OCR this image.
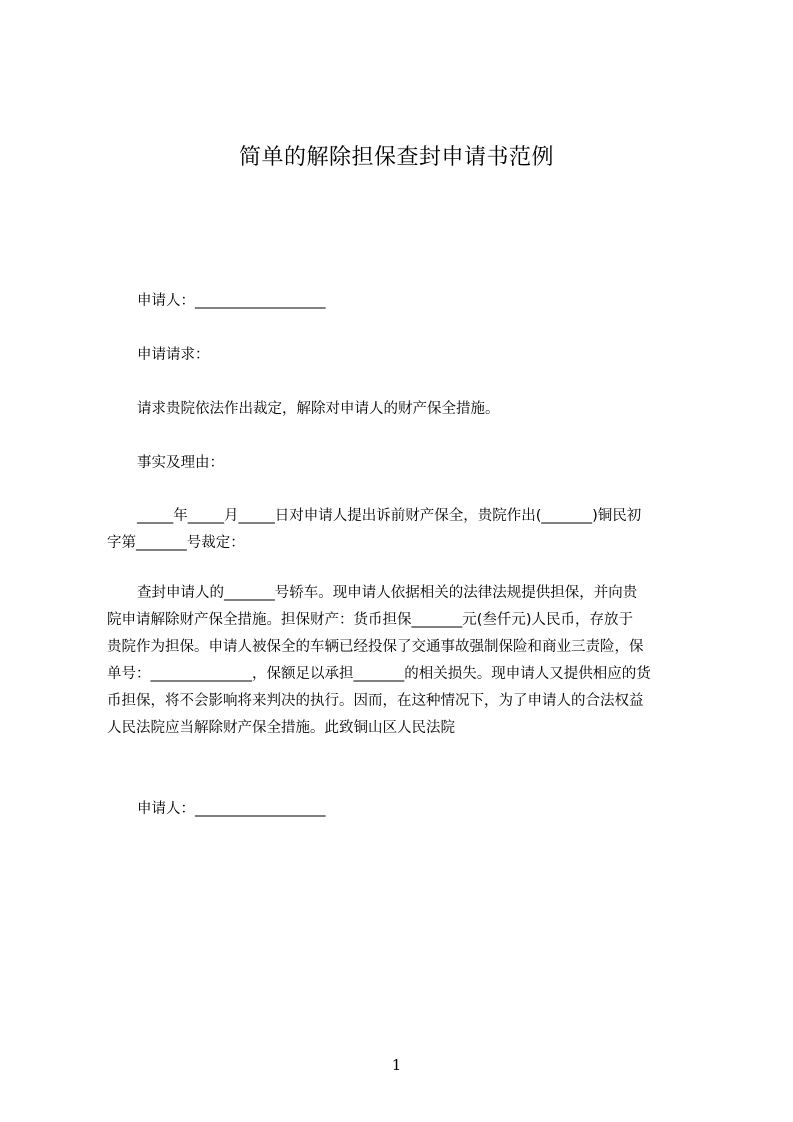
简单的解除担保查封申请书范例
申请人：__________________
申请请求：
请求贵院依法作出裁定，解除对申请人的财产保全措施。
事实及理由：
_____年_____月_____日对申请人提出诉前财产保全，贵院作出(_______)铜民初
字第_______号裁定：
查封申请人的_______号轿车。现申请人依据相关的法律法规提供担保，并向贵
院申请解除财产保全措施。担保财产：货币担保_______元(叁仟元)人民币，存放于
贵院作为担保。申请人被保全的车辆已经投保了交通事故强制保险和商业三责险，保
单号：______________，保额足以承担_______的相关损失。现申请人又提供相应的货
币担保，将不会影响将来判决的执行。因而，在这种情况下，为了申请人的合法权益
人民法院应当解除财产保全措施。此致铜山区人民法院
申请人：__________________
1
